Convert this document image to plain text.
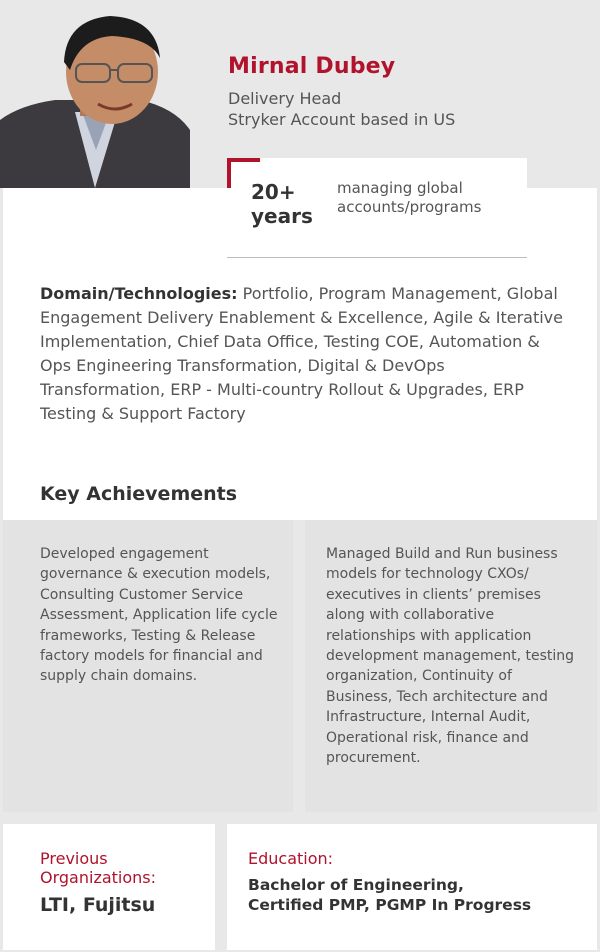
Mirnal Dubey
Delivery Head
Stryker Account based in US
20+
years
managing global accounts/programs
Domain/Technologies: Portfolio, Program Management, Global Engagement Delivery Enablement & Excellence, Agile & Iterative Implementation, Chief Data Office, Testing COE, Automation & Ops Engineering Transformation, Digital & DevOps Transformation, ERP - Multi-country Rollout & Upgrades, ERP Testing & Support Factory
Key Achievements
Developed engagement governance & execution models, Consulting Customer Service Assessment, Application life cycle frameworks, Testing & Release factory models for financial and supply chain domains.
Managed Build and Run business models for technology CXOs/ executives in clients’ premises along with collaborative relationships with application development management, testing organization, Continuity of Business, Tech architecture and Infrastructure, Internal Audit, Operational risk, finance and procurement.
Previous Organizations:
LTI, Fujitsu
Education:
Bachelor of Engineering,
Certified PMP, PGMP In Progress
